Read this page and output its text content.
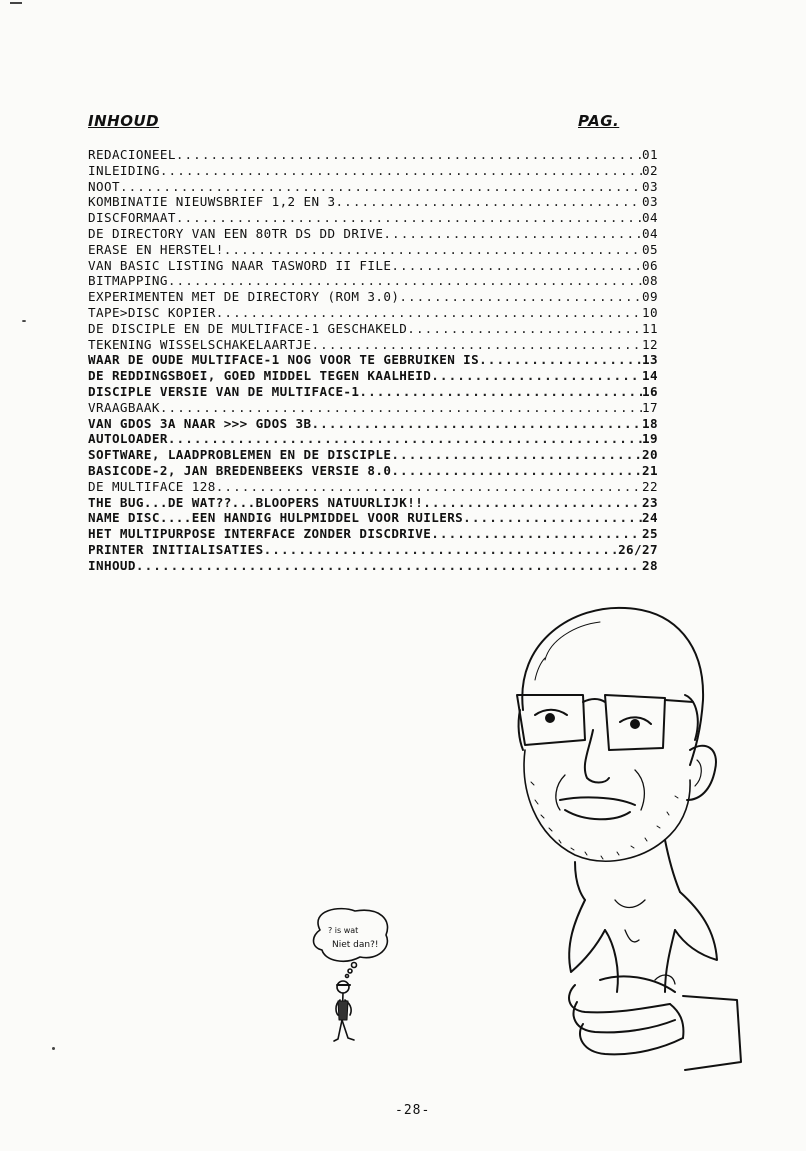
INHOUD	PAG.
REDACIONEEL .....	01
INLEIDING .....	02
NOOT .....	03
KOMBINATIE NIEUWSBRIEF 1,2 EN 3 .....	03
DISCFORMAAT .....	04
DE DIRECTORY VAN EEN 80TR DS DD DRIVE .....	04
ERASE EN HERSTEL! .....	05
VAN BASIC LISTING NAAR TASWORD II FILE .....	06
BITMAPPING .....	08
EXPERIMENTEN MET DE DIRECTORY (ROM 3.0) .....	09
TAPE>DISC KOPIER .....	10
DE DISCIPLE EN DE MULTIFACE-1 GESCHAKELD .....	11
TEKENING WISSELSCHAKELAARTJE .....	12
WAAR DE OUDE MULTIFACE-1 NOG VOOR TE GEBRUIKEN IS .....	13
DE REDDINGSBOEI, GOED MIDDEL TEGEN KAALHEID .....	14
DISCIPLE VERSIE VAN DE MULTIFACE-1 .....	16
VRAAGBAAK .....	17
VAN GDOS 3A NAAR >>> GDOS 3B .....	18
AUTOLOADER .....	19
SOFTWARE, LAADPROBLEMEN EN DE DISCIPLE .....	20
BASICODE-2, JAN BREDENBEEKS VERSIE 8.0 .....	21
DE MULTIFACE 128 .....	22
THE BUG...DE WAT??...BLOOPERS NATUURLIJK!! .....	23
NAME DISC....EEN HANDIG HULPMIDDEL VOOR RUILERS .....	24
HET MULTIPURPOSE INTERFACE ZONDER DISCDRIVE .....	25
PRINTER INITIALISATIES .....	26/27
INHOUD .....	28
? is wat
Niet dan?!
-28-
